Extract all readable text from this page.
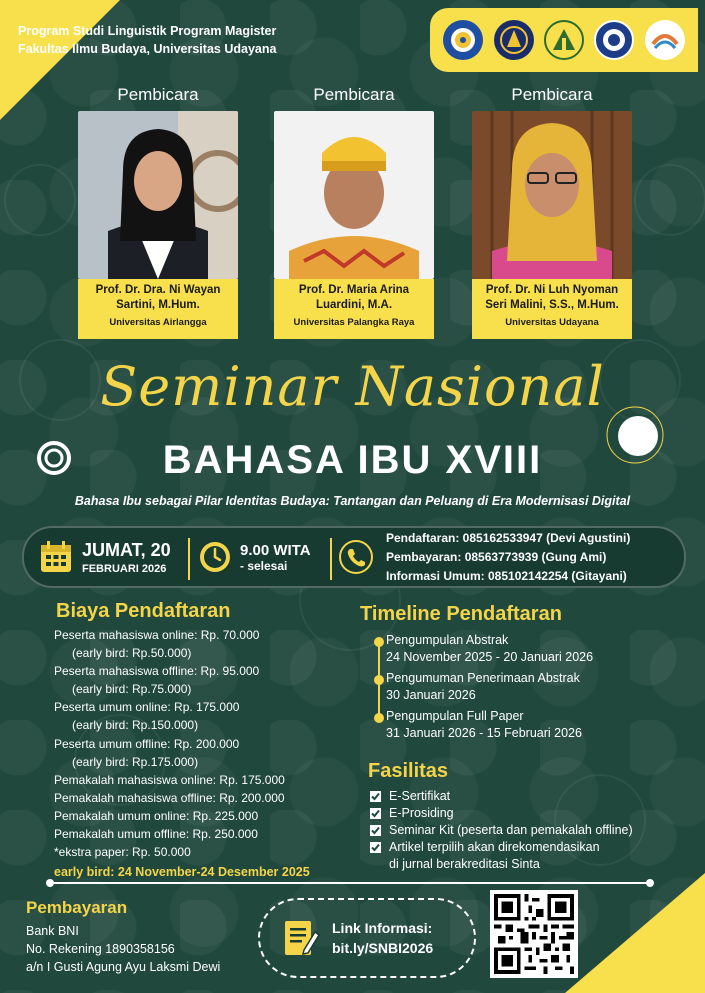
Program Studi Linguistik Program Magister
Fakultas Ilmu Budaya, Universitas Udayana
Pembicara
Prof. Dr. Dra. Ni Wayan Sartini, M.Hum.
Universitas Airlangga
Pembicara
Prof. Dr. Maria Arina Luardini, M.A.
Universitas Palangka Raya
Pembicara
Prof. Dr. Ni Luh Nyoman Seri Malini, S.S., M.Hum.
Universitas Udayana
Seminar Nasional
BAHASA IBU XVIII
Bahasa Ibu sebagai Pilar Identitas Budaya: Tantangan dan Peluang di Era Modernisasi Digital
JUMAT, 20
FEBRUARI 2026
9.00 WITA
- selesai
Pendaftaran: 085162533947 (Devi Agustini)
Pembayaran: 08563773939 (Gung Ami)
Informasi Umum: 085102142254 (Gitayani)
Biaya Pendaftaran
Peserta mahasiswa online: Rp. 70.000
(early bird: Rp.50.000)
Peserta mahasiswa offline: Rp. 95.000
(early bird: Rp.75.000)
Peserta umum online: Rp. 175.000
(early bird: Rp.150.000)
Peserta umum offline: Rp. 200.000
(early bird: Rp.175.000)
Pemakalah mahasiswa online: Rp. 175.000
Pemakalah mahasiswa offline: Rp. 200.000
Pemakalah umum online: Rp. 225.000
Pemakalah umum offline: Rp. 250.000
*ekstra paper: Rp. 50.000
early bird: 24 November-24 Desember 2025
Timeline Pendaftaran
Pengumpulan Abstrak
24 November 2025 - 20 Januari 2026
Pengumuman Penerimaan Abstrak
30 Januari 2026
Pengumpulan Full Paper
31 Januari 2026 - 15 Februari 2026
Fasilitas
E-Sertifikat
E-Prosiding
Seminar Kit (peserta dan pemakalah offline)
Artikel terpilih akan direkomendasikan
di jurnal berakreditasi Sinta
Pembayaran
Bank BNI
No. Rekening 1890358156
a/n I Gusti Agung Ayu Laksmi Dewi
Link Informasi:
bit.ly/SNBI2026
